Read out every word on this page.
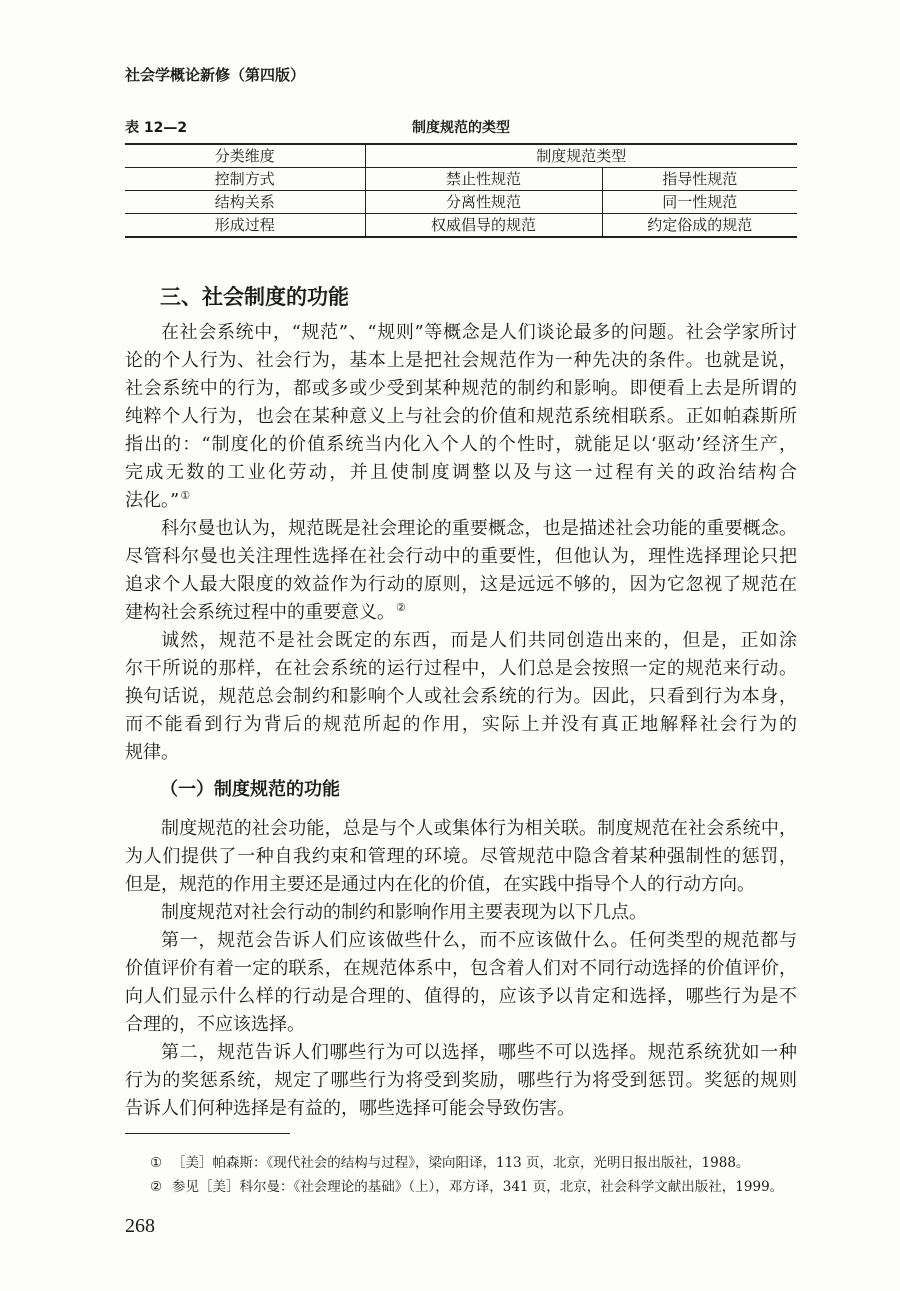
社会学概论新修（第四版）
表 12—2	制度规范的类型
分类维度	制度规范类型	
控制方式	禁止性规范	指导性规范
结构关系	分离性规范	同一性规范
形成过程	权威倡导的规范	约定俗成的规范
三、社会制度的功能
在社会系统中，“规范”、“规则”等概念是人们谈论最多的问题。社会学家所讨
论的个人行为、社会行为，基本上是把社会规范作为一种先决的条件。也就是说，
社会系统中的行为，都或多或少受到某种规范的制约和影响。即便看上去是所谓的
纯粹个人行为，也会在某种意义上与社会的价值和规范系统相联系。正如帕森斯所
指出的：“制度化的价值系统当内化入个人的个性时，就能足以‘驱动’经济生产，
完成无数的工业化劳动，并且使制度调整以及与这一过程有关的政治结构合
法化。”①
科尔曼也认为，规范既是社会理论的重要概念，也是描述社会功能的重要概念。
尽管科尔曼也关注理性选择在社会行动中的重要性，但他认为，理性选择理论只把
追求个人最大限度的效益作为行动的原则，这是远远不够的，因为它忽视了规范在
建构社会系统过程中的重要意义。②
诚然，规范不是社会既定的东西，而是人们共同创造出来的，但是，正如涂
尔干所说的那样，在社会系统的运行过程中，人们总是会按照一定的规范来行动。
换句话说，规范总会制约和影响个人或社会系统的行为。因此，只看到行为本身，
而不能看到行为背后的规范所起的作用，实际上并没有真正地解释社会行为的
规律。
（一）制度规范的功能
制度规范的社会功能，总是与个人或集体行为相关联。制度规范在社会系统中，
为人们提供了一种自我约束和管理的环境。尽管规范中隐含着某种强制性的惩罚，
但是，规范的作用主要还是通过内在化的价值，在实践中指导个人的行动方向。
制度规范对社会行动的制约和影响作用主要表现为以下几点。
第一，规范会告诉人们应该做些什么，而不应该做什么。任何类型的规范都与
价值评价有着一定的联系，在规范体系中，包含着人们对不同行动选择的价值评价，
向人们显示什么样的行动是合理的、值得的，应该予以肯定和选择，哪些行为是不
合理的，不应该选择。
第二，规范告诉人们哪些行为可以选择，哪些不可以选择。规范系统犹如一种
行为的奖惩系统，规定了哪些行为将受到奖励，哪些行为将受到惩罚。奖惩的规则
告诉人们何种选择是有益的，哪些选择可能会导致伤害。
① ［美］帕森斯：《现代社会的结构与过程》，梁向阳译，113 页，北京，光明日报出版社，1988。
② 参见［美］科尔曼：《社会理论的基础》（上），邓方译，341 页，北京，社会科学文献出版社，1999。
268
